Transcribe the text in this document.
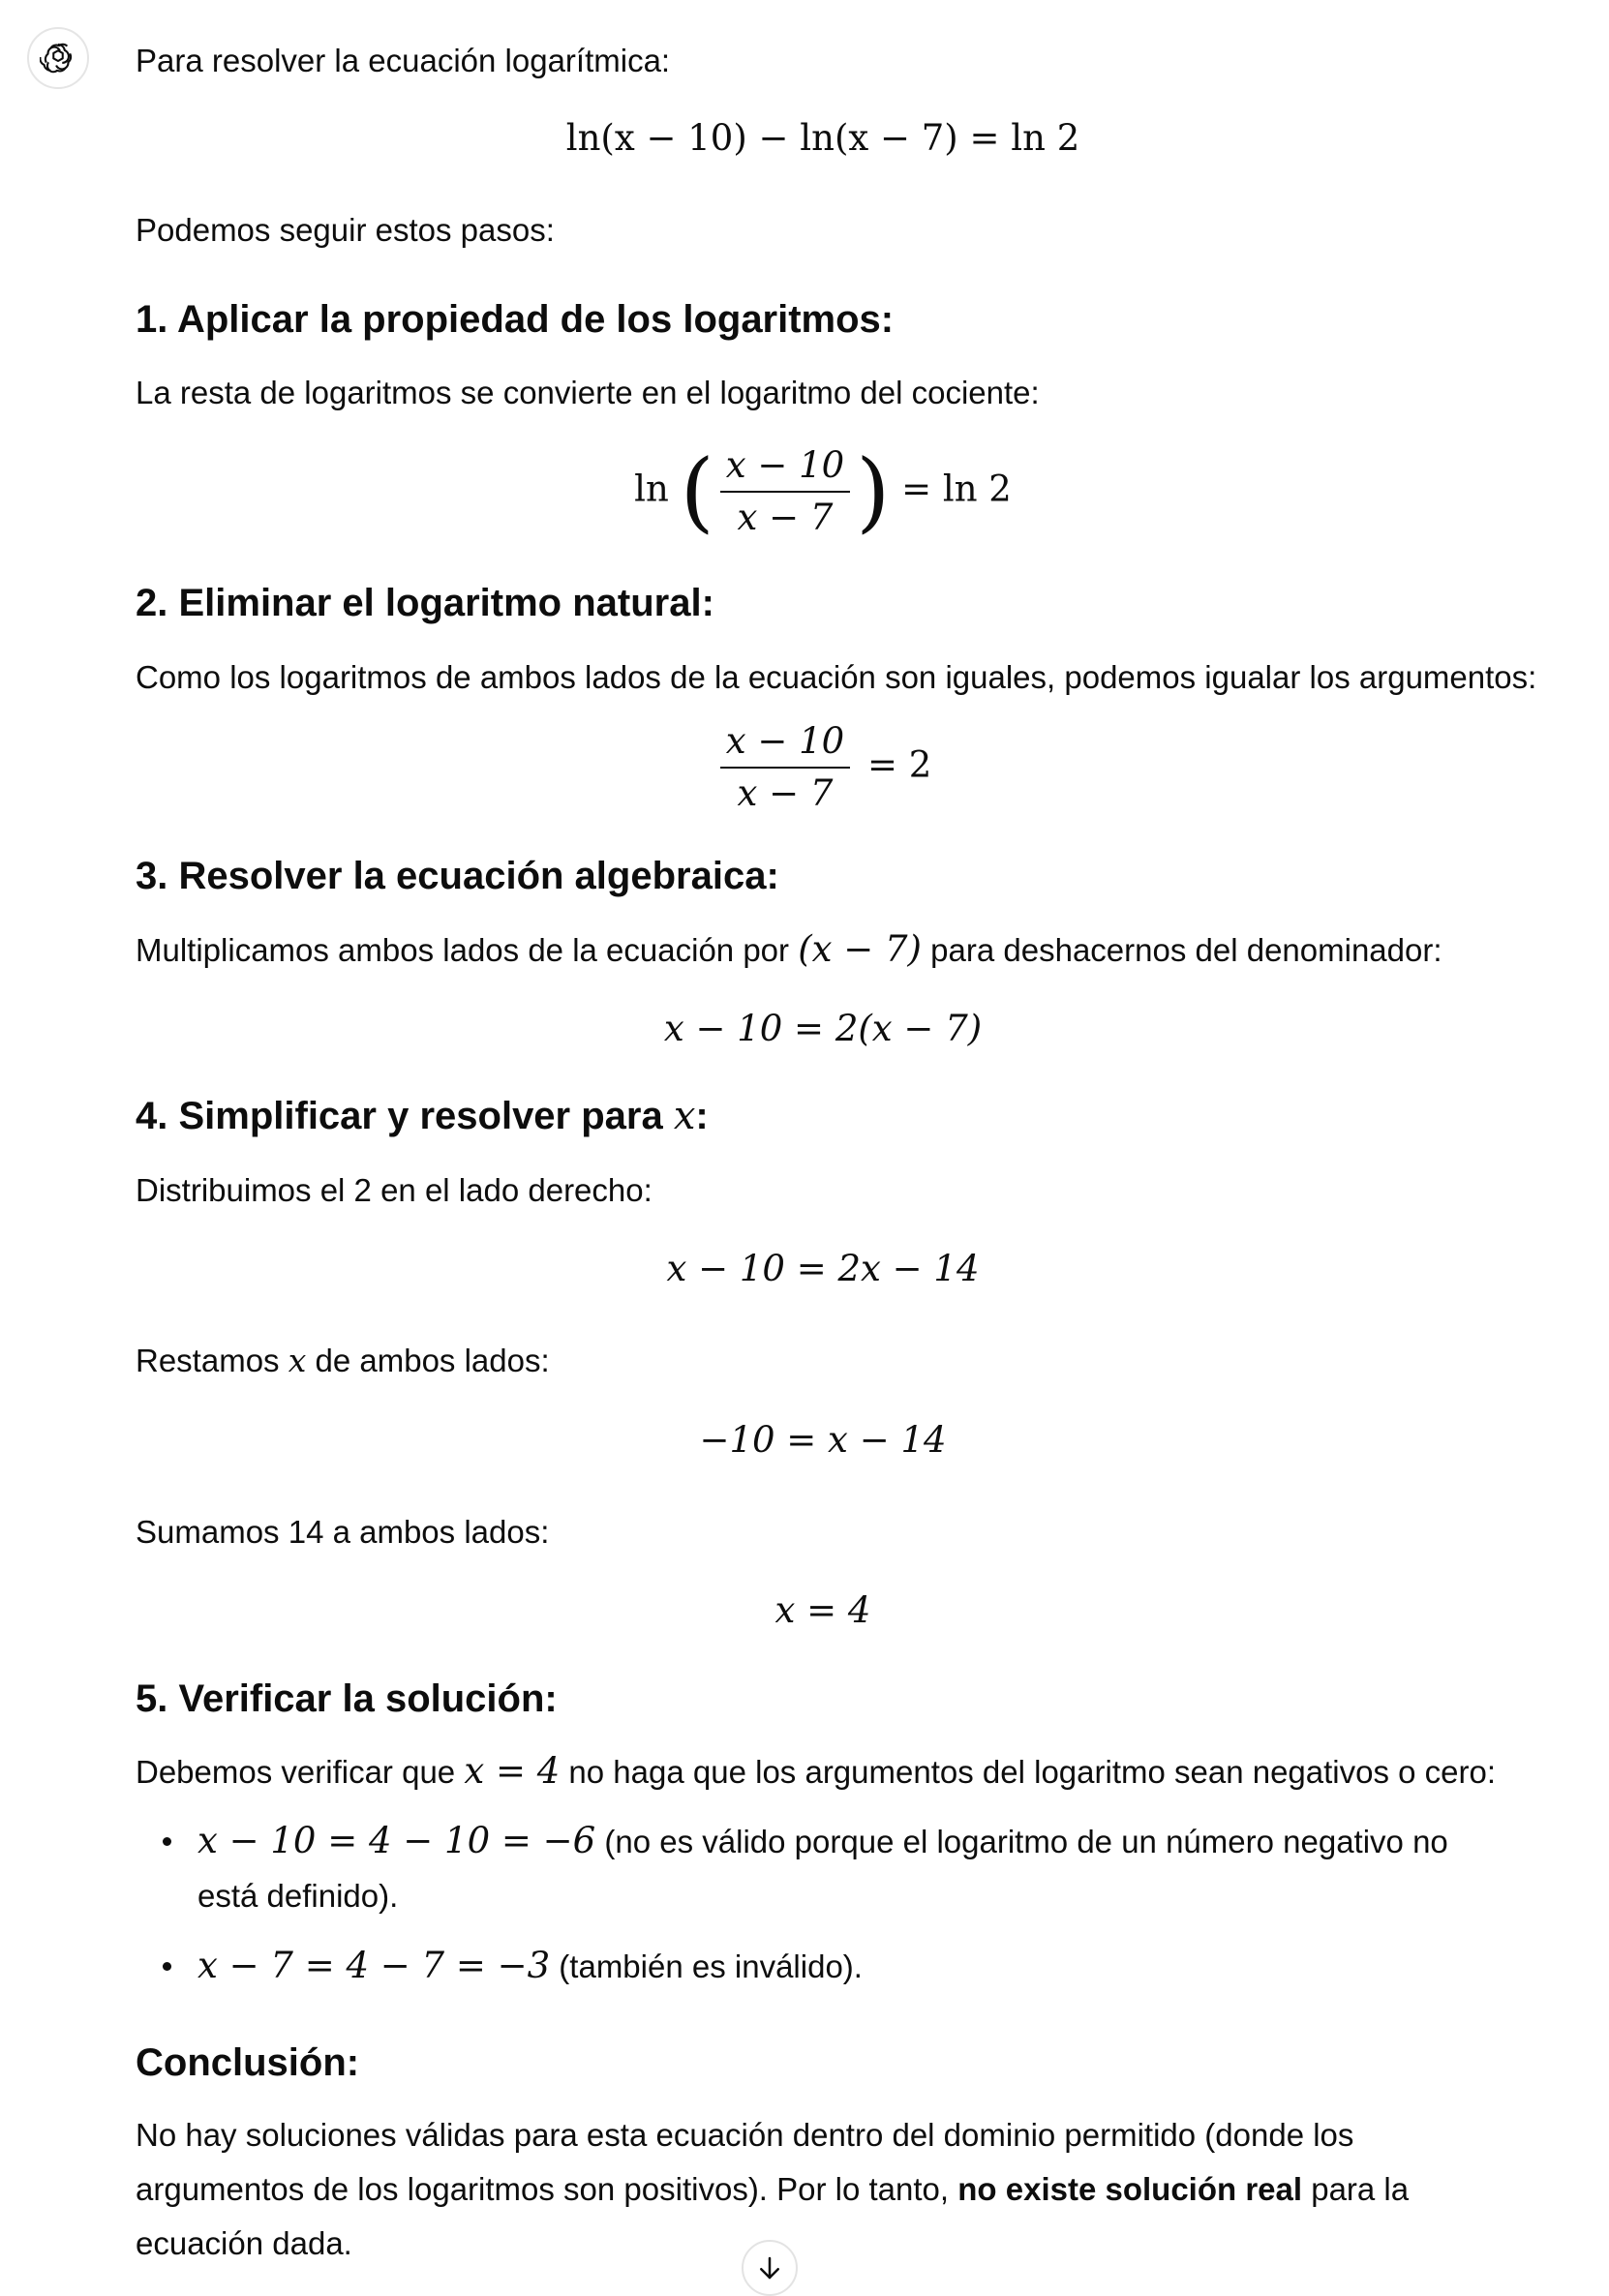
Para resolver la ecuación logarítmica:
ln(x − 10) − ln(x − 7) = ln 2
Podemos seguir estos pasos:
1. Aplicar la propiedad de los logaritmos:
La resta de logaritmos se convierte en el logaritmo del cociente:
ln ( $\frac{x - 10}{x - 7}$ ) = ln 2
2. Eliminar el logaritmo natural:
Como los logaritmos de ambos lados de la ecuación son iguales, podemos igualar los argumentos:
$\frac{x - 10}{x - 7} = 2$
3. Resolver la ecuación algebraica:
Multiplicamos ambos lados de la ecuación por (x − 7) para deshacernos del denominador:
x − 10 = 2(x − 7)
4. Simplificar y resolver para x:
Distribuimos el 2 en el lado derecho:
x − 10 = 2x − 14
Restamos x de ambos lados:
−10 = x − 14
Sumamos 14 a ambos lados:
x = 4
5. Verificar la solución:
Debemos verificar que x = 4 no haga que los argumentos del logaritmo sean negativos o cero:
x − 10 = 4 − 10 = −6 (no es válido porque el logaritmo de un número negativo no está definido).
x − 7 = 4 − 7 = −3 (también es inválido).
Conclusión:
No hay soluciones válidas para esta ecuación dentro del dominio permitido (donde los argumentos de los logaritmos son positivos). Por lo tanto, no existe solución real para la ecuación dada.
